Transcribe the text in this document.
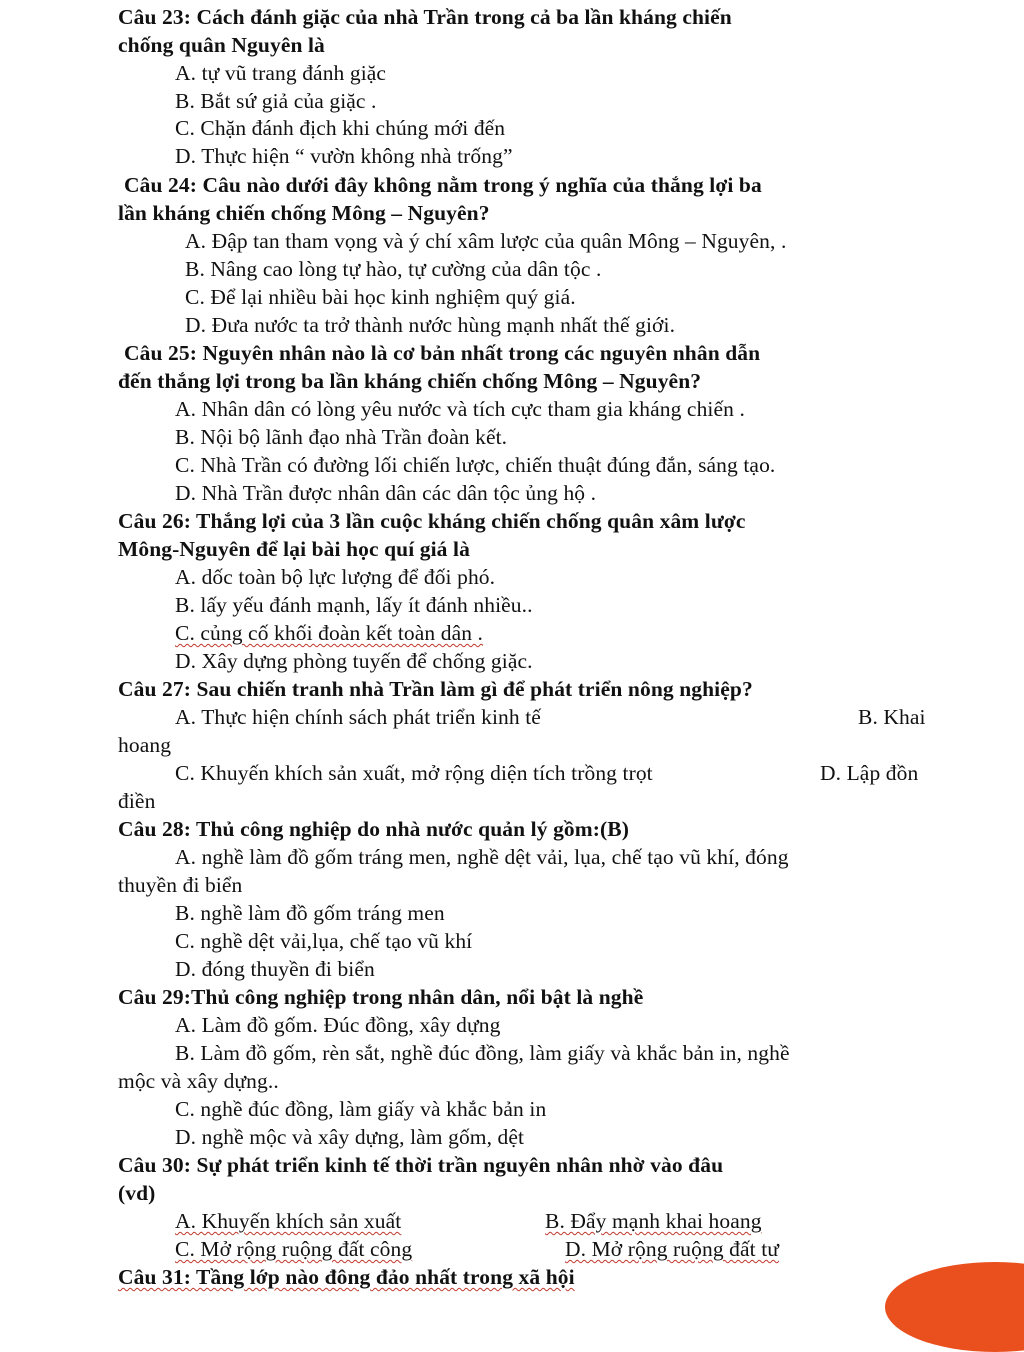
Câu 23: Cách đánh giặc của nhà Trần trong cả ba lần kháng chiến
chống quân Nguyên là
A. tự vũ trang đánh giặc
B. Bắt sứ giả của giặc .
C. Chặn đánh địch khi chúng mới đến
D. Thực hiện “ vườn không nhà trống”
Câu 24: Câu nào dưới đây không nằm trong ý nghĩa của thắng lợi ba
lần kháng chiến chống Mông – Nguyên?
A. Đập tan tham vọng và ý chí xâm lược của quân Mông – Nguyên, .
B. Nâng cao lòng tự hào, tự cường của dân tộc .
C. Để lại nhiều bài học kinh nghiệm quý giá.
D. Đưa nước ta trở thành nước hùng mạnh nhất thế giới.
Câu 25: Nguyên nhân nào là cơ bản nhất trong các nguyên nhân dẫn
đến thắng lợi trong ba lần kháng chiến chống Mông – Nguyên?
A. Nhân dân có lòng yêu nước và tích cực tham gia kháng chiến .
B. Nội bộ lãnh đạo nhà Trần đoàn kết.
C. Nhà Trần có đường lối chiến lược, chiến thuật đúng đắn, sáng tạo.
D. Nhà Trần được nhân dân các dân tộc ủng hộ .
Câu 26: Thắng lợi của 3 lần cuộc kháng chiến chống quân xâm lược
Mông-Nguyên để lại bài học quí giá là
A. dốc toàn bộ lực lượng để đối phó.
B. lấy yếu đánh mạnh, lấy ít đánh nhiều..
C. củng cố khối đoàn kết toàn dân .
D. Xây dựng phòng tuyến để chống giặc.
Câu 27: Sau chiến tranh nhà Trần làm gì để phát triển nông nghiệp?
A. Thực hiện chính sách phát triển kinh tế	B. Khai
hoang
C. Khuyến khích sản xuất, mở rộng diện tích trồng trọt	D. Lập đồn
điền
Câu 28: Thủ công nghiệp do nhà nước quản lý gồm:(B)
A. nghề làm đồ gốm tráng men, nghề dệt vải, lụa, chế tạo vũ khí, đóng
thuyền đi biển
B. nghề làm đồ gốm tráng men
C. nghề dệt vải,lụa, chế tạo vũ khí
D. đóng thuyền đi biển
Câu 29:Thủ công nghiệp trong nhân dân, nổi bật là nghề
A. Làm đồ gốm. Đúc đồng, xây dựng
B. Làm đồ gốm, rèn sắt, nghề đúc đồng, làm giấy và khắc bản in, nghề
mộc và xây dựng..
C. nghề đúc đồng, làm giấy và khắc bản in
D. nghề mộc và xây dựng, làm gốm, dệt
Câu 30: Sự phát triển kinh tế thời trần nguyên nhân nhờ vào đâu
(vd)
A. Khuyến khích sản xuất	B. Đẩy mạnh khai hoang
C. Mở rộng ruộng đất công	D. Mở rộng ruộng đất tư
Câu 31: Tầng lớp nào đông đảo nhất trong xã hội
